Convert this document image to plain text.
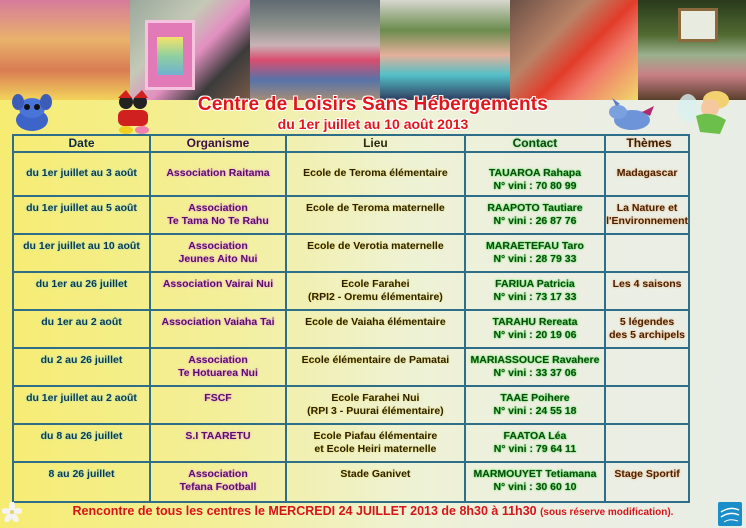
Centre de Loisirs Sans Hébergements
du 1er juillet au 10 août 2013
Date	Organisme	Lieu	Contact	Thèmes
du 1er juillet au 3 août	Association Raitama	Ecole de Teroma élémentaire	TAUAROA Rahapa
N° vini : 70 80 99	Madagascar

du 1er juillet au 5 août	Association
Te Tama No Te Rahu	Ecole de Teroma maternelle	RAAPOTO Tautiare
N° vini : 26 87 76	La Nature et
l'Environnement

du 1er juillet au 10 août	Association
Jeunes Aito Nui	Ecole de Verotia maternelle	MARAETEFAU Taro
N° vini : 28 79 33	

du 1er au 26 juillet	Association Vairai Nui	Ecole Farahei
(RPI2 - Oremu élémentaire)	FARIUA Patricia
N° vini : 73 17 33	Les 4 saisons

du 1er au 2 août	Association Vaiaha Tai	Ecole de Vaiaha élémentaire	TARAHU Rereata
N° vini : 20 19 06	5 légendes
des 5 archipels

du 2 au 26 juillet	Association
Te Hotuarea Nui	Ecole élémentaire de Pamatai	MARIASSOUCE Ravahere
N° vini : 33 37 06	

du 1er juillet au 2 août	FSCF	Ecole Farahei Nui
(RPI 3 - Puurai élémentaire)	TAAE Poihere
N° vini : 24 55 18	

du 8 au 26 juillet	S.I TAARETU	Ecole Piafau élémentaire
et Ecole Heiri maternelle	FAATOA Léa
N° vini : 79 64 11	

8 au 26 juillet	Association
Tefana Football	Stade Ganivet	MARMOUYET Tetiamana
N° vini : 30 60 10	Stage Sportif
Rencontre de tous les centres le MERCREDI 24 JUILLET 2013 de 8h30 à 11h30 (sous réserve modification).
